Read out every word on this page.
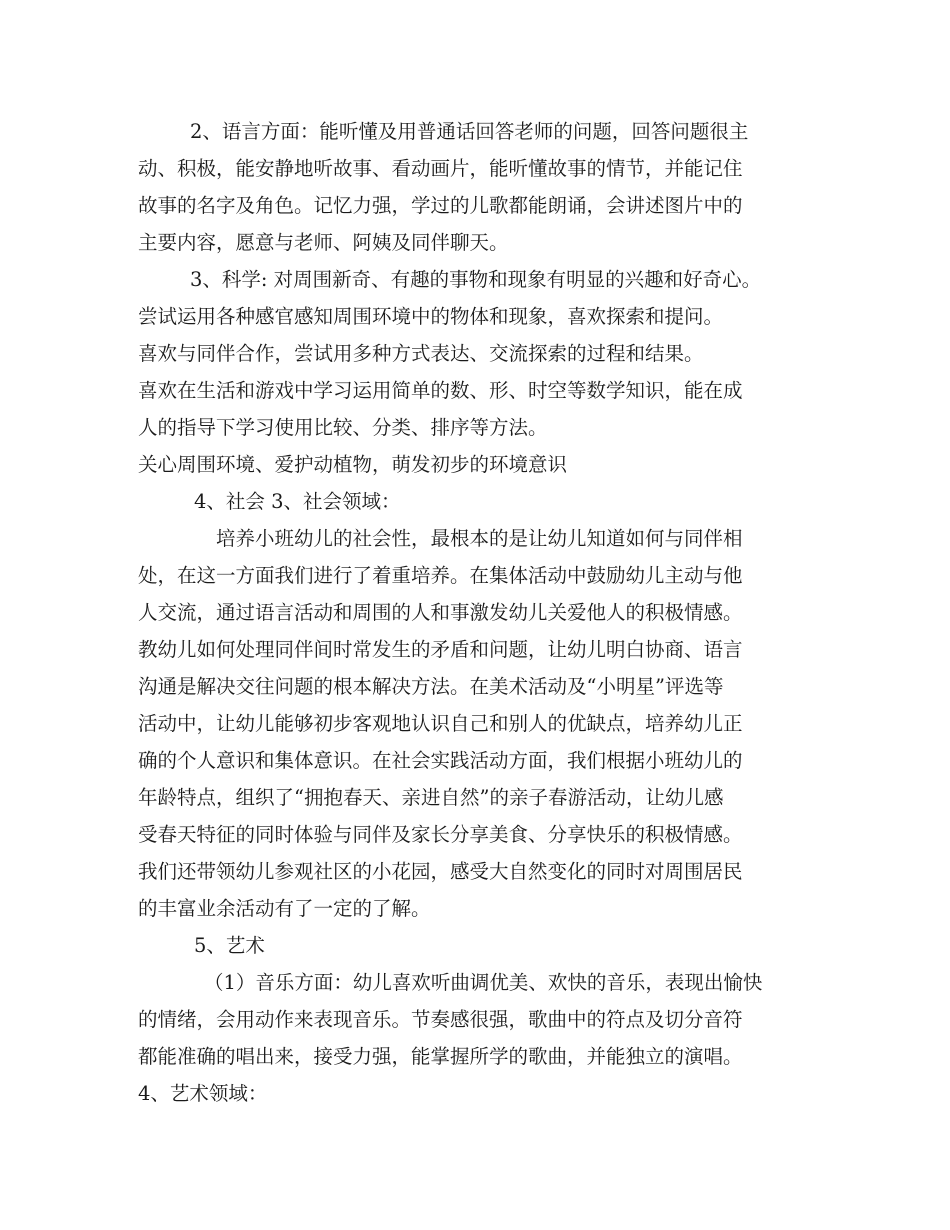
2、语言方面：能听懂及用普通话回答老师的问题，回答问题很主
动、积极，能安静地听故事、看动画片，能听懂故事的情节，并能记住
故事的名字及角色。记忆力强，学过的儿歌都能朗诵，会讲述图片中的
主要内容，愿意与老师、阿姨及同伴聊天。
3、科学: 对周围新奇、有趣的事物和现象有明显的兴趣和好奇心。
尝试运用各种感官感知周围环境中的物体和现象，喜欢探索和提问。
喜欢与同伴合作，尝试用多种方式表达、交流探索的过程和结果。
喜欢在生活和游戏中学习运用简单的数、形、时空等数学知识，能在成
人的指导下学习使用比较、分类、排序等方法。
关心周围环境、爱护动植物，萌发初步的环境意识
4、社会 3、社会领域：
培养小班幼儿的社会性，最根本的是让幼儿知道如何与同伴相
处，在这一方面我们进行了着重培养。在集体活动中鼓励幼儿主动与他
人交流，通过语言活动和周围的人和事激发幼儿关爱他人的积极情感。
教幼儿如何处理同伴间时常发生的矛盾和问题，让幼儿明白协商、语言
沟通是解决交往问题的根本解决方法。在美术活动及“小明星”评选等
活动中，让幼儿能够初步客观地认识自己和别人的优缺点，培养幼儿正
确的个人意识和集体意识。在社会实践活动方面，我们根据小班幼儿的
年龄特点，组织了“拥抱春天、亲进自然”的亲子春游活动，让幼儿感
受春天特征的同时体验与同伴及家长分享美食、分享快乐的积极情感。
我们还带领幼儿参观社区的小花园，感受大自然变化的同时对周围居民
的丰富业余活动有了一定的了解。
5、艺术
（1）音乐方面：幼儿喜欢听曲调优美、欢快的音乐，表现出愉快
的情绪，会用动作来表现音乐。节奏感很强，歌曲中的符点及切分音符
都能准确的唱出来，接受力强，能掌握所学的歌曲，并能独立的演唱。
4、艺术领域：
